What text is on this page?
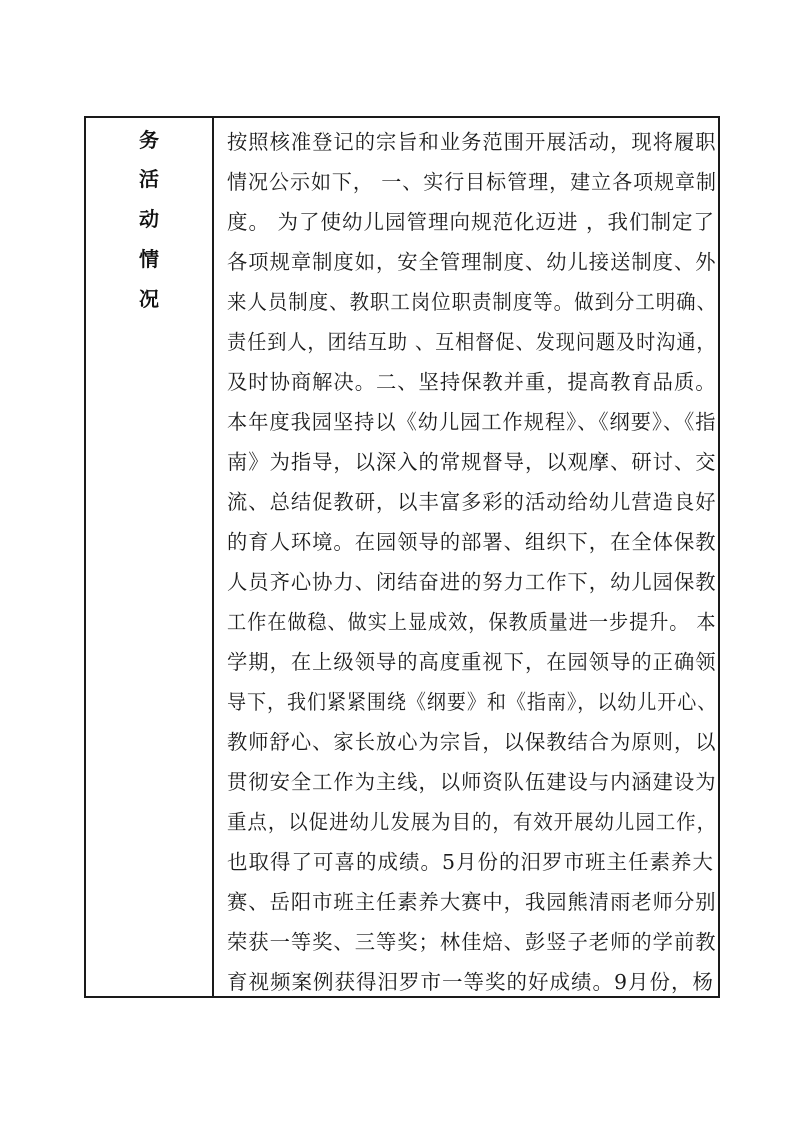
务
活
动
情
况
按照核准登记的宗旨和业务范围开展活动，现将履职
情况公示如下， 一、实行目标管理，建立各项规章制
度。 为了使幼儿园管理向规范化迈进 ，我们制定了
各项规章制度如，安全管理制度、幼儿接送制度、外
来人员制度、教职工岗位职责制度等。做到分工明确、
责任到人，团结互助 、互相督促、发现问题及时沟通，
及时协商解决。二、坚持保教并重，提高教育品质。
本年度我园坚持以《幼儿园工作规程》、《纲要》、《指
南》为指导，以深入的常规督导，以观摩、研讨、交
流、总结促教研，以丰富多彩的活动给幼儿营造良好
的育人环境。在园领导的部署、组织下，在全体保教
人员齐心协力、闭结奋进的努力工作下，幼儿园保教
工作在做稳、做实上显成效，保教质量进一步提升。 本
学期，在上级领导的高度重视下，在园领导的正确领
导下，我们紧紧围绕《纲要》和《指南》，以幼儿开心、
教师舒心、家长放心为宗旨，以保教结合为原则，以
贯彻安全工作为主线，以师资队伍建设与内涵建设为
重点，以促进幼儿发展为目的，有效开展幼儿园工作，
也取得了可喜的成绩。5月份的汨罗市班主任素养大
赛、岳阳市班主任素养大赛中，我园熊清雨老师分别
荣获一等奖、三等奖；林佳焙、彭竖子老师的学前教
育视频案例获得汨罗市一等奖的好成绩。9月份，杨
